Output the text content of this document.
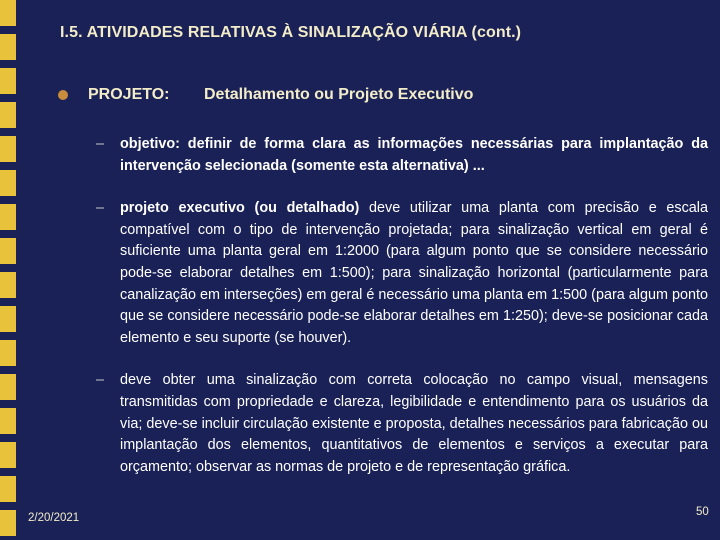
I.5. ATIVIDADES RELATIVAS À SINALIZAÇÃO VIÁRIA (cont.)
PROJETO:	Detalhamento ou Projeto Executivo
–	objetivo: definir de forma clara as informações necessárias para implantação da intervenção selecionada (somente esta alternativa) ...
–	projeto executivo (ou detalhado) deve utilizar uma planta com precisão e escala compatível com o tipo de intervenção projetada; para sinalização vertical em geral é suficiente uma planta geral em 1:2000 (para algum ponto que se considere necessário pode-se elaborar detalhes em 1:500); para sinalização horizontal (particularmente para canalização em interseções) em geral é necessário uma planta em 1:500 (para algum ponto que se considere necessário pode-se elaborar detalhes em 1:250); deve-se posicionar cada elemento e seu suporte (se houver).
–	deve obter uma sinalização com correta colocação no campo visual, mensagens transmitidas com propriedade e clareza, legibilidade e entendimento para os usuários da via; deve-se incluir circulação existente e proposta, detalhes necessários para fabricação ou implantação dos elementos, quantitativos de elementos e serviços a executar para orçamento; observar as normas de projeto e de representação gráfica.
2/20/2021	50
